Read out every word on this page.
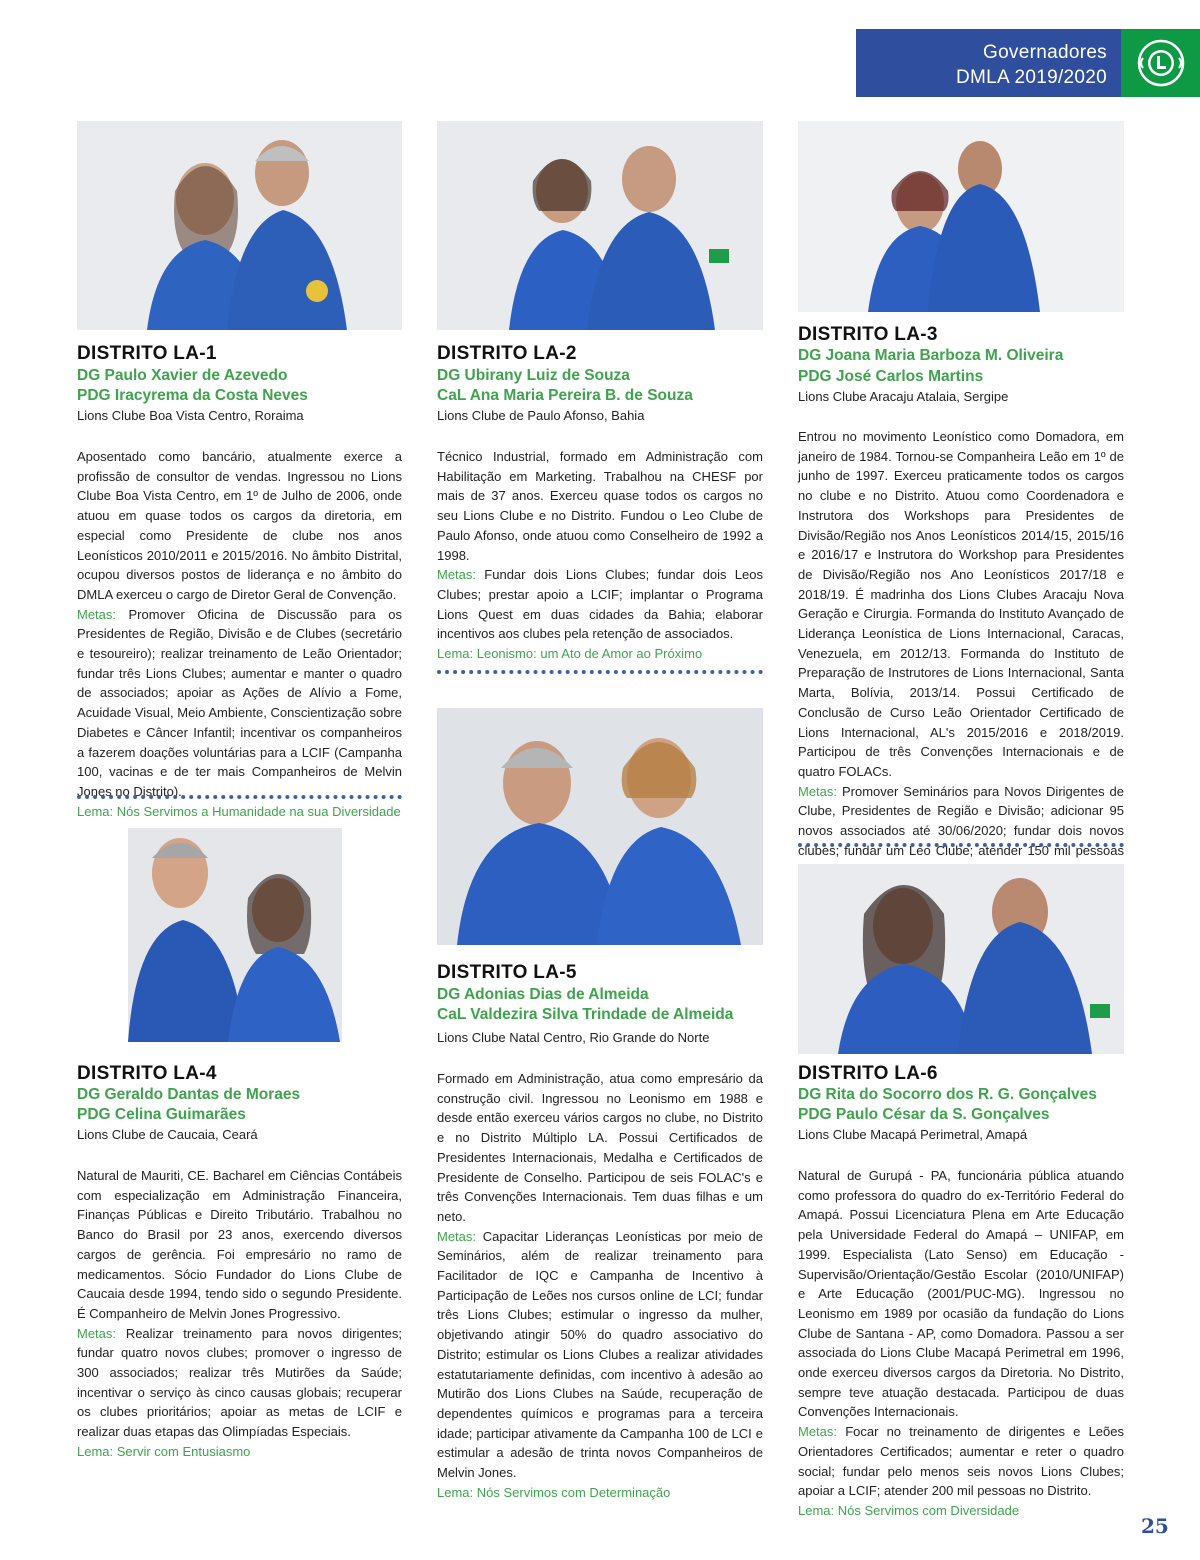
Governadores
DMLA 2019/2020
DISTRITO LA-1
DG Paulo Xavier de Azevedo
PDG Iracyrema da Costa Neves
Lions Clube Boa Vista Centro, Roraima

Aposentado como bancário, atualmente exerce a profissão de consultor de vendas. Ingressou no Lions Clube Boa Vista Centro, em 1º de Julho de 2006, onde atuou em quase todos os cargos da diretoria, em especial como Presidente de clube nos anos Leonísticos 2010/2011 e 2015/2016. No âmbito Distrital, ocupou diversos postos de liderança e no âmbito do DMLA exerceu o cargo de Diretor Geral de Convenção.

Metas: Promover Oficina de Discussão para os Presidentes de Região, Divisão e de Clubes (secretário e tesoureiro); realizar treinamento de Leão Orientador; fundar três Lions Clubes; aumentar e manter o quadro de associados; apoiar as Ações de Alívio a Fome, Acuidade Visual, Meio Ambiente, Conscientização sobre Diabetes e Câncer Infantil; incentivar os companheiros a fazerem doações voluntárias para a LCIF (Campanha 100, vacinas e de ter mais Companheiros de Melvin Jones no Distrito).

Lema: Nós Servimos a Humanidade na sua Diversidade

DISTRITO LA-4
DG Geraldo Dantas de Moraes
PDG Celina Guimarães
Lions Clube de Caucaia, Ceará

Natural de Mauriti, CE. Bacharel em Ciências Contábeis com especialização em Administração Financeira, Finanças Públicas e Direito Tributário. Trabalhou no Banco do Brasil por 23 anos, exercendo diversos cargos de gerência. Foi empresário no ramo de medicamentos. Sócio Fundador do Lions Clube de Caucaia desde 1994, tendo sido o segundo Presidente. É Companheiro de Melvin Jones Progressivo.

Metas: Realizar treinamento para novos dirigentes; fundar quatro novos clubes; promover o ingresso de 300 associados; realizar três Mutirões da Saúde; incentivar o serviço às cinco causas globais; recuperar os clubes prioritários; apoiar as metas de LCIF e realizar duas etapas das Olimpíadas Especiais.

Lema: Servir com Entusiasmo

DISTRITO LA-2
DG Ubirany Luiz de Souza
CaL Ana Maria Pereira B. de Souza
Lions Clube de Paulo Afonso, Bahia

Técnico Industrial, formado em Administração com Habilitação em Marketing. Trabalhou na CHESF por mais de 37 anos. Exerceu quase todos os cargos no seu Lions Clube e no Distrito. Fundou o Leo Clube de Paulo Afonso, onde atuou como Conselheiro de 1992 a 1998.

Metas: Fundar dois Lions Clubes; fundar dois Leos Clubes; prestar apoio a LCIF; implantar o Programa Lions Quest em duas cidades da Bahia; elaborar incentivos aos clubes pela retenção de associados.

Lema: Leonismo: um Ato de Amor ao Próximo

DISTRITO LA-5
DG Adonias Dias de Almeida
CaL Valdezira Silva Trindade de Almeida
Lions Clube Natal Centro, Rio Grande do Norte

Formado em Administração, atua como empresário da construção civil. Ingressou no Leonismo em 1988 e desde então exerceu vários cargos no clube, no Distrito e no Distrito Múltiplo LA. Possui Certificados de Presidentes Internacionais, Medalha e Certificados de Presidente de Conselho. Participou de seis FOLAC's e três Convenções Internacionais. Tem duas filhas e um neto.

Metas: Capacitar Lideranças Leonísticas por meio de Seminários, além de realizar treinamento para Facilitador de IQC e Campanha de Incentivo à Participação de Leões nos cursos online de LCI; fundar três Lions Clubes; estimular o ingresso da mulher, objetivando atingir 50% do quadro associativo do Distrito; estimular os Lions Clubes a realizar atividades estatutariamente definidas, com incentivo à adesão ao Mutirão dos Lions Clubes na Saúde, recuperação de dependentes químicos e programas para a terceira idade; participar ativamente da Campanha 100 de LCI e estimular a adesão de trinta novos Companheiros de Melvin Jones.

Lema: Nós Servimos com Determinação

DISTRITO LA-3
DG Joana Maria Barboza M. Oliveira
PDG José Carlos Martins
Lions Clube Aracaju Atalaia, Sergipe

Entrou no movimento Leonístico como Domadora, em janeiro de 1984. Tornou-se Companheira Leão em 1º de junho de 1997. Exerceu praticamente todos os cargos no clube e no Distrito. Atuou como Coordenadora e Instrutora dos Workshops para Presidentes de Divisão/Região nos Anos Leonísticos 2014/15, 2015/16 e 2016/17 e Instrutora do Workshop para Presidentes de Divisão/Região nos Ano Leonísticos 2017/18 e 2018/19. É madrinha dos Lions Clubes Aracaju Nova Geração e Cirurgia. Formanda do Instituto Avançado de Liderança Leonística de Lions Internacional, Caracas, Venezuela, em 2012/13. Formanda do Instituto de Preparação de Instrutores de Lions Internacional, Santa Marta, Bolívia, 2013/14. Possui Certificado de Conclusão de Curso Leão Orientador Certificado de Lions Internacional, AL's 2015/2016 e 2018/2019. Participou de três Convenções Internacionais e de quatro FOLACs.

Metas: Promover Seminários para Novos Dirigentes de Clube, Presidentes de Região e Divisão; adicionar 95 novos associados até 30/06/2020; fundar dois novos clubes; fundar um Leo Clube; atender 150 mil pessoas

DISTRITO LA-6
DG Rita do Socorro dos R. G. Gonçalves
PDG Paulo César da S. Gonçalves
Lions Clube Macapá Perimetral, Amapá

Natural de Gurupá - PA, funcionária pública atuando como professora do quadro do ex-Território Federal do Amapá. Possui Licenciatura Plena em Arte Educação pela Universidade Federal do Amapá – UNIFAP, em 1999. Especialista (Lato Senso) em Educação - Supervisão/Orientação/Gestão Escolar (2010/UNIFAP) e Arte Educação (2001/PUC-MG). Ingressou no Leonismo em 1989 por ocasião da fundação do Lions Clube de Santana - AP, como Domadora. Passou a ser associada do Lions Clube Macapá Perimetral em 1996, onde exerceu diversos cargos da Diretoria. No Distrito, sempre teve atuação destacada. Participou de duas Convenções Internacionais.

Metas: Focar no treinamento de dirigentes e Leões Orientadores Certificados; aumentar e reter o quadro social; fundar pelo menos seis novos Lions Clubes; apoiar a LCIF; atender 200 mil pessoas no Distrito.

Lema: Nós Servimos com Diversidade

25
